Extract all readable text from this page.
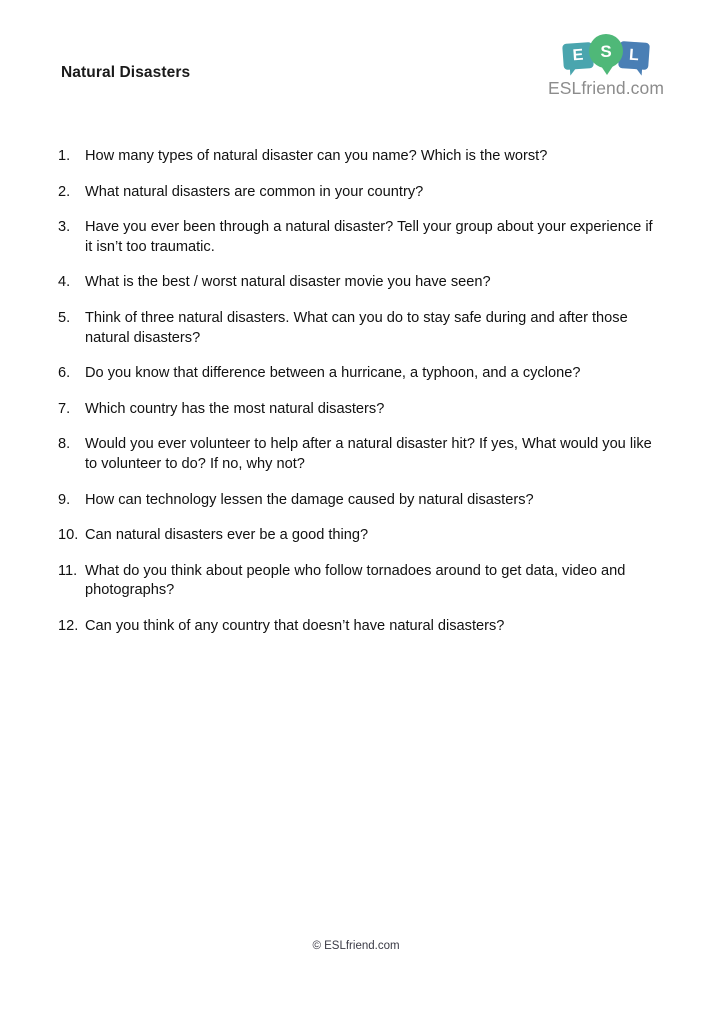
Natural Disasters
E S	L
ESLfriend.com
1.	How many types of natural disaster can you name? Which is the worst?
2.	What natural disasters are common in your country?
3.	Have you ever been through a natural disaster? Tell your group about your experience if it isn’t too traumatic.
4.	What is the best / worst natural disaster movie you have seen?
5.	Think of three natural disasters. What can you do to stay safe during and after those natural disasters?
6.	Do you know that difference between a hurricane, a typhoon, and a cyclone?
7.	Which country has the most natural disasters?
8.	Would you ever volunteer to help after a natural disaster hit? If yes, What would you like to volunteer to do? If no, why not?
9.	How can technology lessen the damage caused by natural disasters?
10. Can natural disasters ever be a good thing?
11. What do you think about people who follow tornadoes around to get data, video and photographs?
12. Can you think of any country that doesn’t have natural disasters?
© ESLfriend.com
